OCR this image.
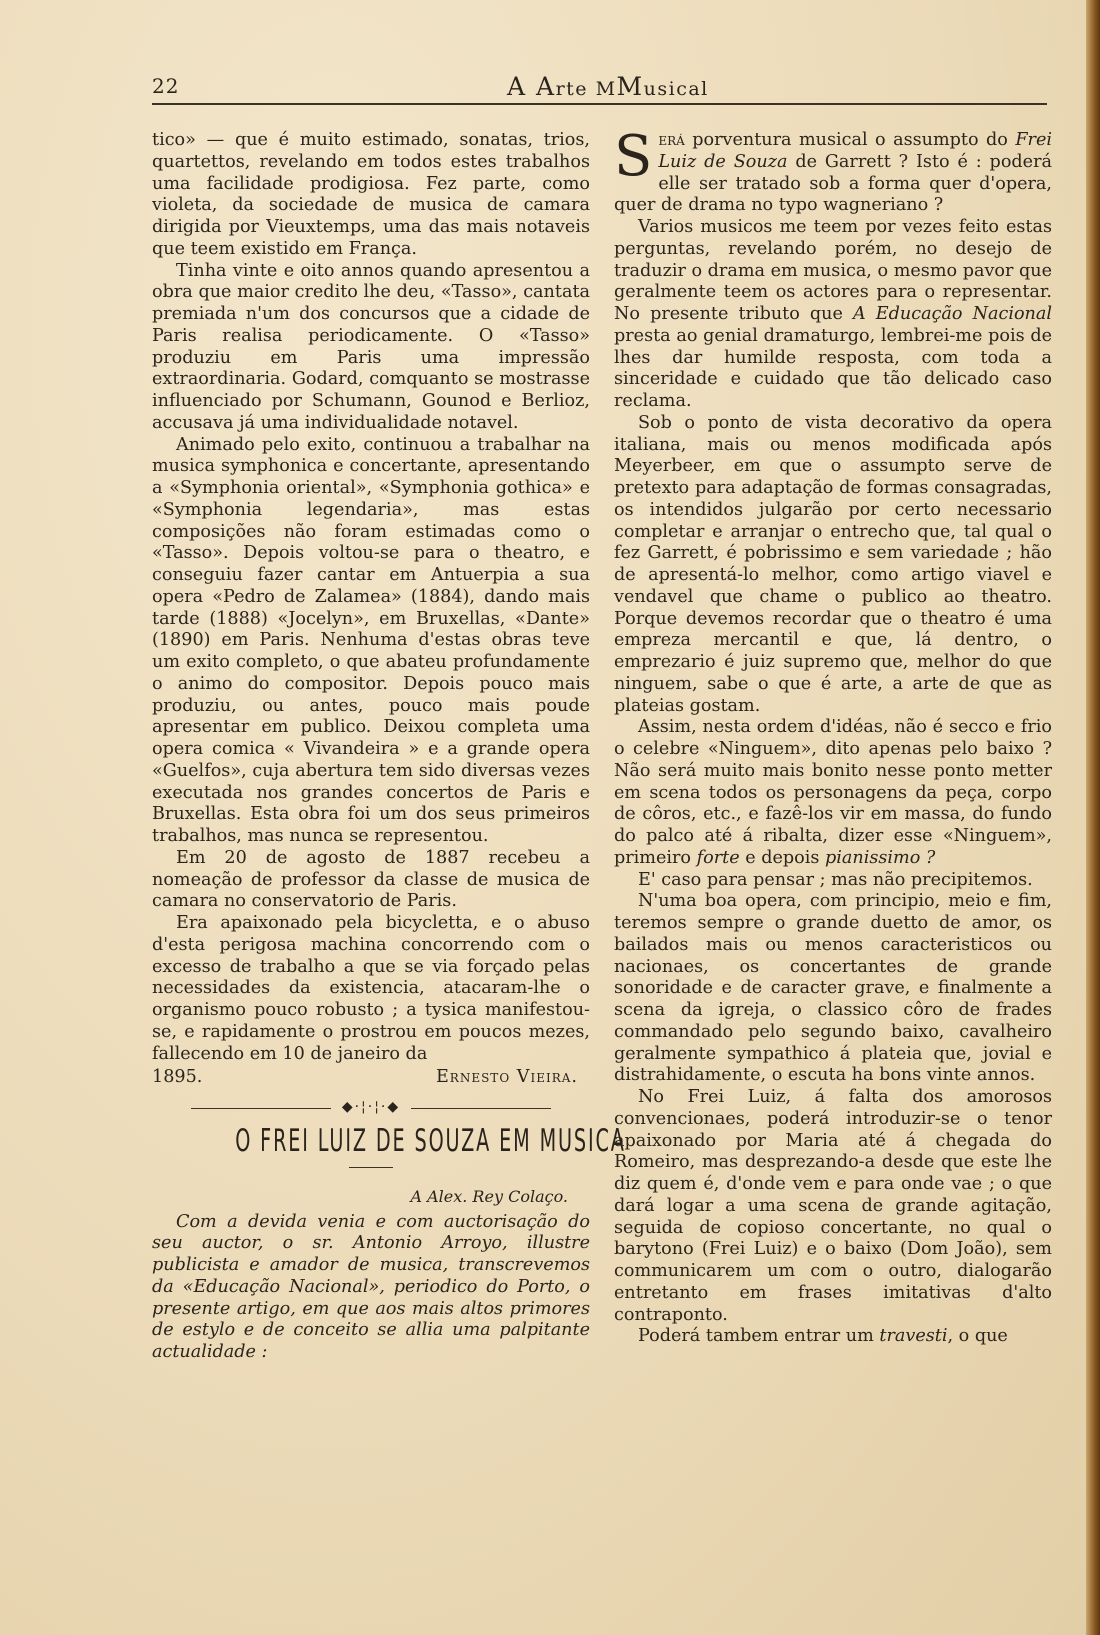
22	A Arte MMusical

tico» — que é muito estimado, sonatas, trios, quartettos, revelando em todos estes trabalhos uma facilidade prodigiosa. Fez parte, como violeta, da sociedade de musica de camara dirigida por Vieuxtemps, uma das mais notaveis que teem existido em França.

Tinha vinte e oito annos quando apresentou a obra que maior credito lhe deu, «Tasso», cantata premiada n'um dos concursos que a cidade de Paris realisa periodicamente. O «Tasso» produziu em Paris uma impressão extraordinaria. Godard, comquanto se mostrasse influenciado por Schumann, Gounod e Berlioz, accusava já uma individualidade notavel.

Animado pelo exito, continuou a trabalhar na musica symphonica e concertante, apresentando a «Symphonia oriental», «Symphonia gothica» e «Symphonia legendaria», mas estas composições não foram estimadas como o «Tasso». Depois voltou-se para o theatro, e conseguiu fazer cantar em Antuerpia a sua opera «Pedro de Zalamea» (1884), dando mais tarde (1888) «Jocelyn», em Bruxellas, «Dante» (1890) em Paris. Nenhuma d'estas obras teve um exito completo, o que abateu profundamente o animo do compositor. Depois pouco mais produziu, ou antes, pouco mais poude apresentar em publico. Deixou completa uma opera comica « Vivandeira » e a grande opera «Guelfos», cuja abertura tem sido diversas vezes executada nos grandes concertos de Paris e Bruxellas. Esta obra foi um dos seus primeiros trabalhos, mas nunca se representou.

Em 20 de agosto de 1887 recebeu a nomeação de professor da classe de musica de camara no conservatorio de Paris.

Era apaixonado pela bicycletta, e o abuso d'esta perigosa machina concorrendo com o excesso de trabalho a que se via forçado pelas necessidades da existencia, atacaram-lhe o organismo pouco robusto ; a tysica manifestou-se, e rapidamente o prostrou em poucos mezes, fallecendo em 10 de janeiro da

1895.	Ernesto Vieira.
◆·¦·¦·◆
O FREI LUIZ DE SOUZA EM MUSICA
A Alex. Rey Colaço.

Com a devida venia e com auctorisação do seu auctor, o sr. Antonio Arroyo, illustre publicista e amador de musica, transcrevemos da «Educação Nacional», periodico do Porto, o presente artigo, em que aos mais altos primores de estylo e de conceito se allia uma palpitante actualidade :

Será porventura musical o assumpto do Frei Luiz de Souza de Garrett ? Isto é : poderá elle ser tratado sob a forma quer d'opera, quer de drama no typo wagneriano ?

Varios musicos me teem por vezes feito estas perguntas, revelando porém, no desejo de traduzir o drama em musica, o mesmo pavor que geralmente teem os actores para o representar. No presente tributo que A Educação Nacional presta ao genial dramaturgo, lembrei-me pois de lhes dar humilde resposta, com toda a sinceridade e cuidado que tão delicado caso reclama.

Sob o ponto de vista decorativo da opera italiana, mais ou menos modificada após Meyerbeer, em que o assumpto serve de pretexto para adaptação de formas consagradas, os intendidos julgarão por certo necessario completar e arranjar o entrecho que, tal qual o fez Garrett, é pobrissimo e sem variedade ; hão de apresentá-lo melhor, como artigo viavel e vendavel que chame o publico ao theatro. Porque devemos recordar que o theatro é uma empreza mercantil e que, lá dentro, o emprezario é juiz supremo que, melhor do que ninguem, sabe o que é arte, a arte de que as plateias gostam.

Assim, nesta ordem d'idéas, não é secco e frio o celebre «Ninguem», dito apenas pelo baixo ? Não será muito mais bonito nesse ponto metter em scena todos os personagens da peça, corpo de côros, etc., e fazê-los vir em massa, do fundo do palco até á ribalta, dizer esse «Ninguem», primeiro forte e depois pianissimo ?

E' caso para pensar ; mas não precipitemos.

N'uma boa opera, com principio, meio e fim, teremos sempre o grande duetto de amor, os bailados mais ou menos caracteristicos ou nacionaes, os concertantes de grande sonoridade e de caracter grave, e finalmente a scena da igreja, o classico côro de frades commandado pelo segundo baixo, cavalheiro geralmente sympathico á plateia que, jovial e distrahidamente, o escuta ha bons vinte annos.

No Frei Luiz, á falta dos amorosos convencionaes, poderá introduzir-se o tenor apaixonado por Maria até á chegada do Romeiro, mas desprezando-a desde que este lhe diz quem é, d'onde vem e para onde vae ; o que dará logar a uma scena de grande agitação, seguida de copioso concertante, no qual o barytono (Frei Luiz) e o baixo (Dom João), sem communicarem um com o outro, dialogarão entretanto em frases imitativas d'alto contraponto.

Poderá tambem entrar um travesti, o que
